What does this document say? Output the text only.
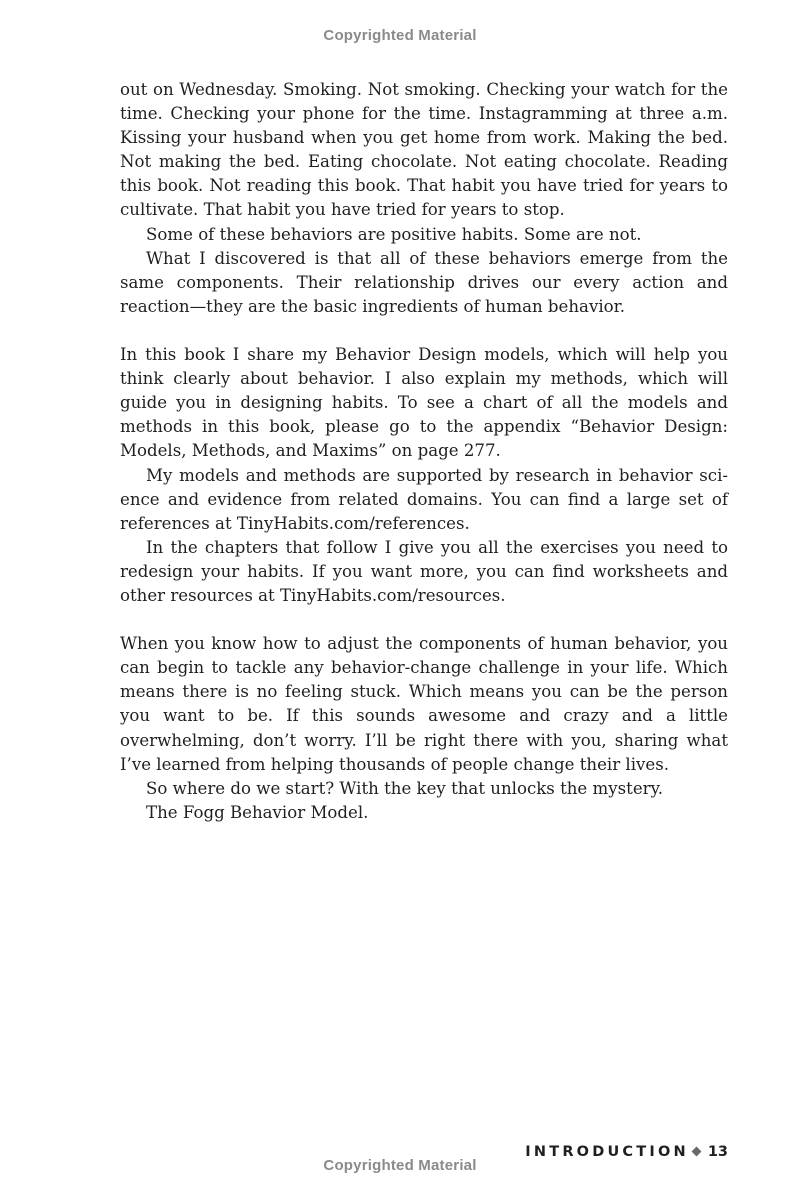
Copyrighted Material

out on Wednesday. Smoking. Not smoking. Checking your watch for the time. Checking your phone for the time. Instagramming at three a.m. Kissing your husband when you get home from work. Making the bed. Not making the bed. Eating chocolate. Not eating chocolate. Reading this book. Not reading this book. That habit you have tried for years to cultivate. That habit you have tried for years to stop.

Some of these behaviors are positive habits. Some are not.

What I discovered is that all of these behaviors emerge from the same components. Their relationship drives our every action and reaction—they are the basic ingredients of human behavior.

In this book I share my Behavior Design models, which will help you think clearly about behavior. I also explain my methods, which will guide you in designing habits. To see a chart of all the models and methods in this book, please go to the appendix “Behavior Design: Models, Methods, and Maxims” on page 277.

My models and methods are supported by research in behavior science and evidence from related domains. You can find a large set of references at TinyHabits.com/references.

In the chapters that follow I give you all the exercises you need to redesign your habits. If you want more, you can find worksheets and other resources at TinyHabits.com/resources.

When you know how to adjust the components of human behavior, you can begin to tackle any behavior-change challenge in your life. Which means there is no feeling stuck. Which means you can be the person you want to be. If this sounds awesome and crazy and a little overwhelming, don’t worry. I’ll be right there with you, sharing what I’ve learned from helping thousands of people change their lives.

So where do we start? With the key that unlocks the mystery.

The Fogg Behavior Model.

INTRODUCTION 13
Copyrighted Material
